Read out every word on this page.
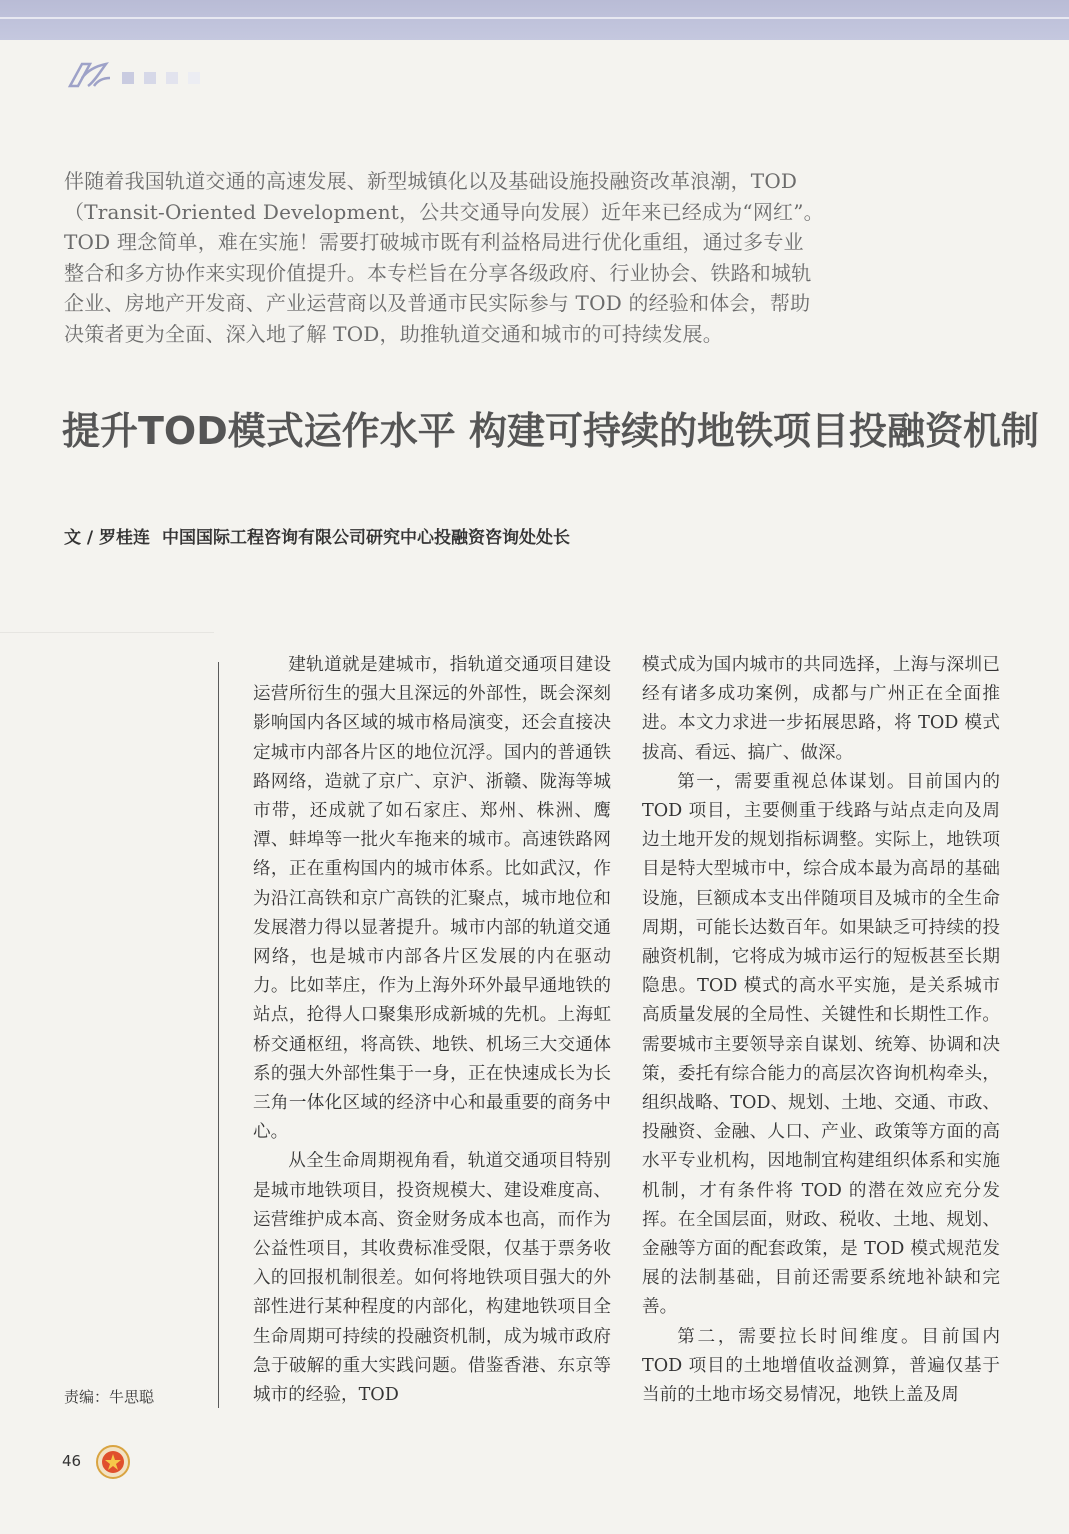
伴随着我国轨道交通的高速发展、新型城镇化以及基础设施投融资改革浪潮，TOD

（Transit-Oriented Development，公共交通导向发展）近年来已经成为“网红”。

TOD 理念简单，难在实施！需要打破城市既有利益格局进行优化重组，通过多专业

整合和多方协作来实现价值提升。本专栏旨在分享各级政府、行业协会、铁路和城轨

企业、房地产开发商、产业运营商以及普通市民实际参与 TOD 的经验和体会，帮助

决策者更为全面、深入地了解 TOD，助推轨道交通和城市的可持续发展。

提升TOD模式运作水平 构建可持续的地铁项目投融资机制
文 / 罗桂连 中国国际工程咨询有限公司研究中心投融资咨询处处长
责编：牛思聪

建轨道就是建城市，指轨道交通项目建设运营所衍生的强大且深远的外部性，既会深刻影响国内各区域的城市格局演变，还会直接决定城市内部各片区的地位沉浮。国内的普通铁路网络，造就了京广、京沪、浙赣、陇海等城市带，还成就了如石家庄、郑州、株洲、鹰潭、蚌埠等一批火车拖来的城市。高速铁路网络，正在重构国内的城市体系。比如武汉，作为沿江高铁和京广高铁的汇聚点，城市地位和发展潜力得以显著提升。城市内部的轨道交通网络，也是城市内部各片区发展的内在驱动力。比如莘庄，作为上海外环外最早通地铁的站点，抢得人口聚集形成新城的先机。上海虹桥交通枢纽，将高铁、地铁、机场三大交通体系的强大外部性集于一身，正在快速成长为长三角一体化区域的经济中心和最重要的商务中心。

从全生命周期视角看，轨道交通项目特别是城市地铁项目，投资规模大、建设难度高、运营维护成本高、资金财务成本也高，而作为公益性项目，其收费标准受限，仅基于票务收入的回报机制很差。如何将地铁项目强大的外部性进行某种程度的内部化，构建地铁项目全生命周期可持续的投融资机制，成为城市政府急于破解的重大实践问题。借鉴香港、东京等城市的经验，TOD

模式成为国内城市的共同选择，上海与深圳已经有诸多成功案例，成都与广州正在全面推进。本文力求进一步拓展思路，将 TOD 模式拔高、看远、搞广、做深。

第一，需要重视总体谋划。目前国内的 TOD 项目，主要侧重于线路与站点走向及周边土地开发的规划指标调整。实际上，地铁项目是特大型城市中，综合成本最为高昂的基础设施，巨额成本支出伴随项目及城市的全生命周期，可能长达数百年。如果缺乏可持续的投融资机制，它将成为城市运行的短板甚至长期隐患。TOD 模式的高水平实施，是关系城市高质量发展的全局性、关键性和长期性工作。需要城市主要领导亲自谋划、统筹、协调和决策，委托有综合能力的高层次咨询机构牵头，组织战略、TOD、规划、土地、交通、市政、投融资、金融、人口、产业、政策等方面的高水平专业机构，因地制宜构建组织体系和实施机制，才有条件将 TOD 的潜在效应充分发挥。在全国层面，财政、税收、土地、规划、金融等方面的配套政策，是 TOD 模式规范发展的法制基础，目前还需要系统地补缺和完善。

第二，需要拉长时间维度。目前国内 TOD 项目的土地增值收益测算，普遍仅基于当前的土地市场交易情况，地铁上盖及周

46
